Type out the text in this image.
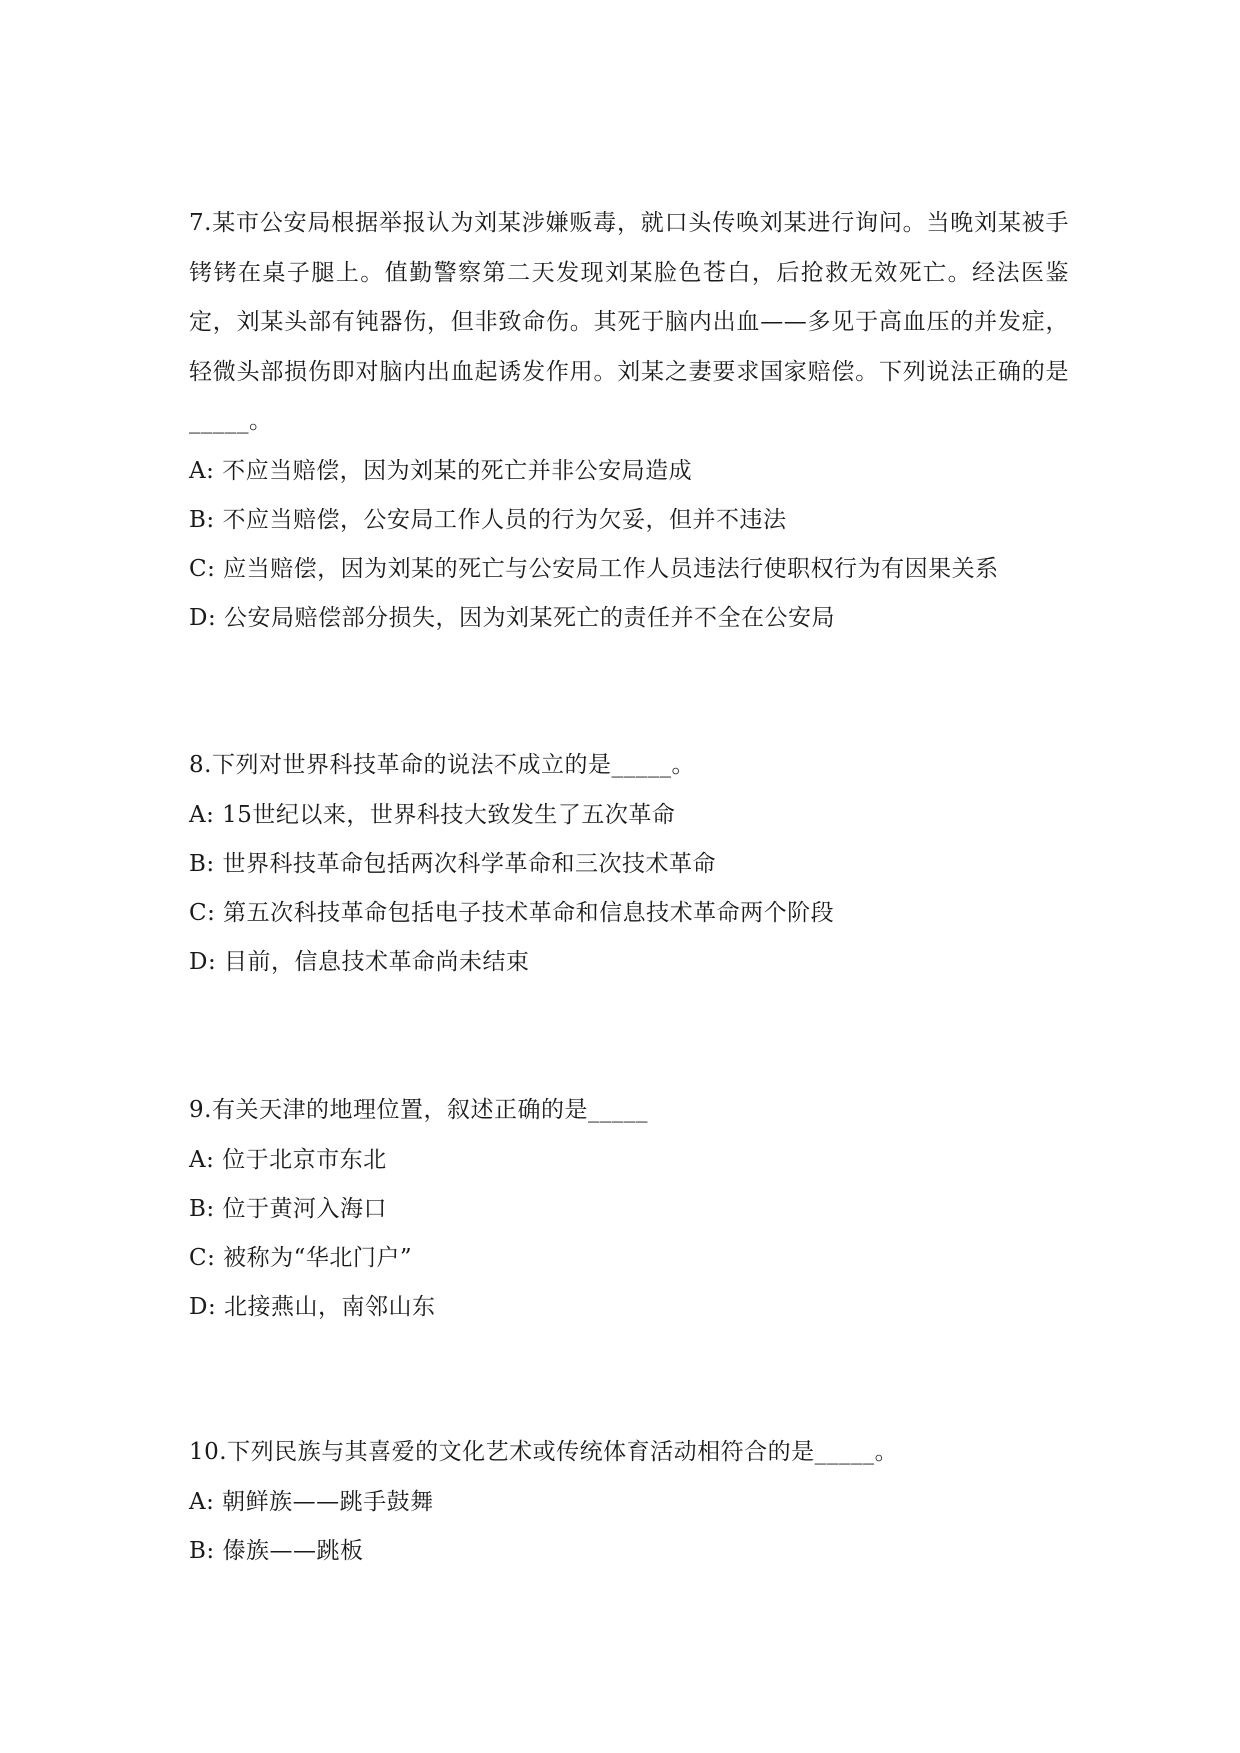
7.某市公安局根据举报认为刘某涉嫌贩毒，就口头传唤刘某进行询问。当晚刘某被手铐铐在桌子腿上。值勤警察第二天发现刘某脸色苍白，后抢救无效死亡。经法医鉴定，刘某头部有钝器伤，但非致命伤。其死于脑内出血——多见于高血压的并发症，轻微头部损伤即对脑内出血起诱发作用。刘某之妻要求国家赔偿。下列说法正确的是_____。

A: 不应当赔偿，因为刘某的死亡并非公安局造成

B: 不应当赔偿，公安局工作人员的行为欠妥，但并不违法

C: 应当赔偿，因为刘某的死亡与公安局工作人员违法行使职权行为有因果关系

D: 公安局赔偿部分损失，因为刘某死亡的责任并不全在公安局

8.下列对世界科技革命的说法不成立的是_____。

A: 15世纪以来，世界科技大致发生了五次革命

B: 世界科技革命包括两次科学革命和三次技术革命

C: 第五次科技革命包括电子技术革命和信息技术革命两个阶段

D: 目前，信息技术革命尚未结束

9.有关天津的地理位置，叙述正确的是_____

A: 位于北京市东北

B: 位于黄河入海口

C: 被称为“华北门户”

D: 北接燕山，南邻山东

10.下列民族与其喜爱的文化艺术或传统体育活动相符合的是_____。

A: 朝鲜族——跳手鼓舞

B: 傣族——跳板
